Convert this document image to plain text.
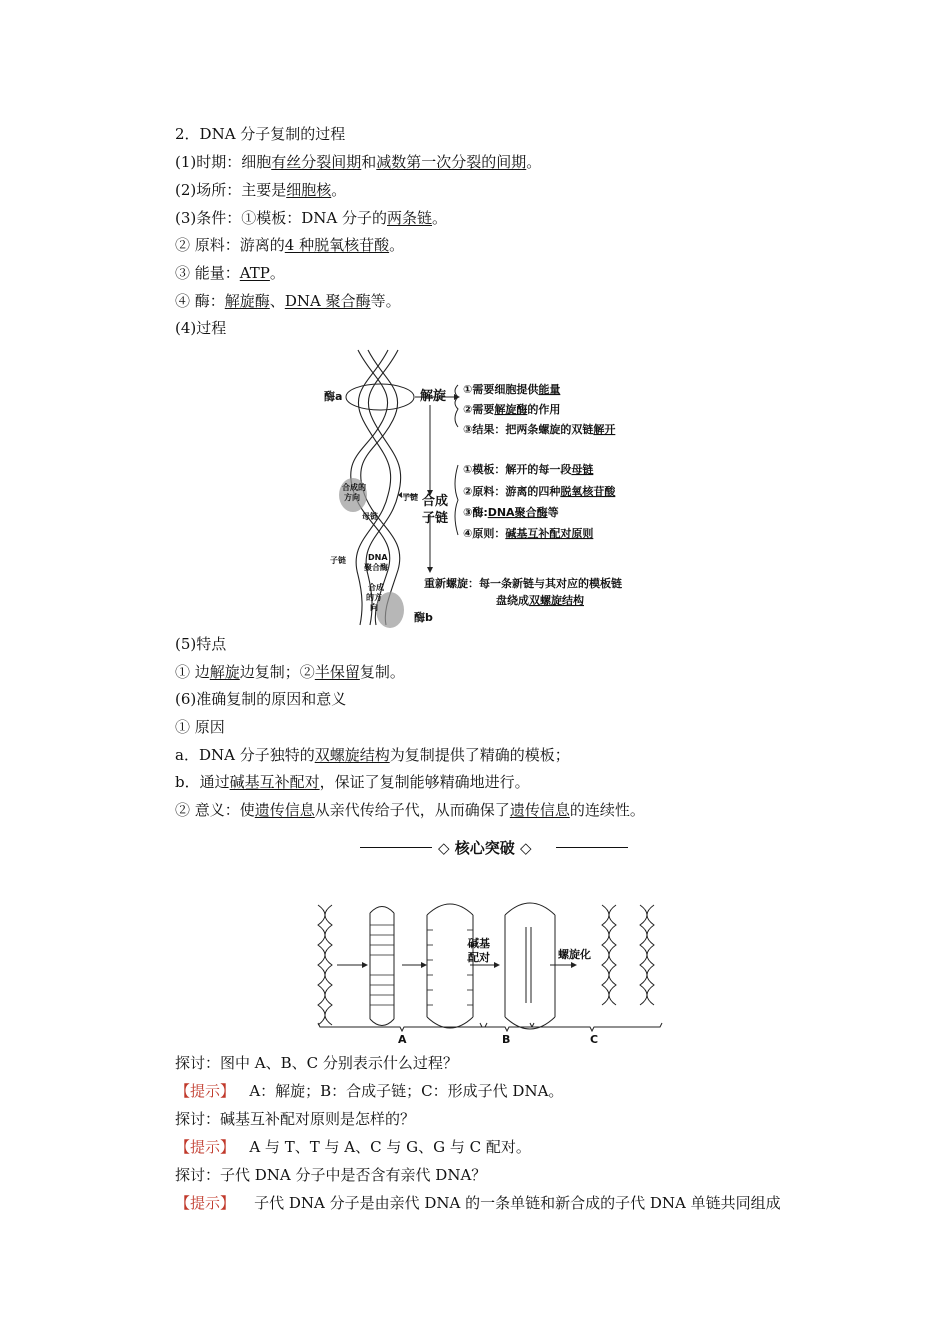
2．DNA 分子复制的过程
(1)时期：细胞有丝分裂间期和减数第一次分裂的间期。
(2)场所：主要是细胞核。
(3)条件：①模板：DNA 分子的两条链。
② 原料：游离的4 种脱氧核苷酸。
③ 能量：ATP。
④ 酶：解旋酶、DNA 聚合酶等。
(4)过程
酶a	解旋 ①需要细胞提供能量
②需要解旋酶的作用
③结果：把两条螺旋的双链解开
①模板：解开的每一段母链
②原料：游离的四种脱氧核苷酸
③酶:DNA聚合酶等
④原则：碱基互补配对原则
合成
子链
重新螺旋：每一条新链与其对应的模板链
盘绕成双螺旋结构
酶b
合成的
方向	子链
母链
子链	DNA
聚合酶
合成
的方
向
(5)特点
① 边解旋边复制；②半保留复制。
(6)准确复制的原因和意义
① 原因
a．DNA 分子独特的双螺旋结构为复制提供了精确的模板；
b．通过碱基互补配对，保证了复制能够精确地进行。
② 意义：使遗传信息从亲代传给子代，从而确保了遗传信息的连续性。
◇ 核心突破 ◇
碱基
配对	螺旋化
A	B	C
探讨：图中 A、B、C 分别表示什么过程？
【提示】 A：解旋；B：合成子链；C：形成子代 DNA。
探讨：碱基互补配对原则是怎样的？
【提示】 A 与 T、T 与 A、C 与 G、G 与 C 配对。
探讨：子代 DNA 分子中是否含有亲代 DNA？
【提示】 子代 DNA 分子是由亲代 DNA 的一条单链和新合成的子代 DNA 单链共同组成
